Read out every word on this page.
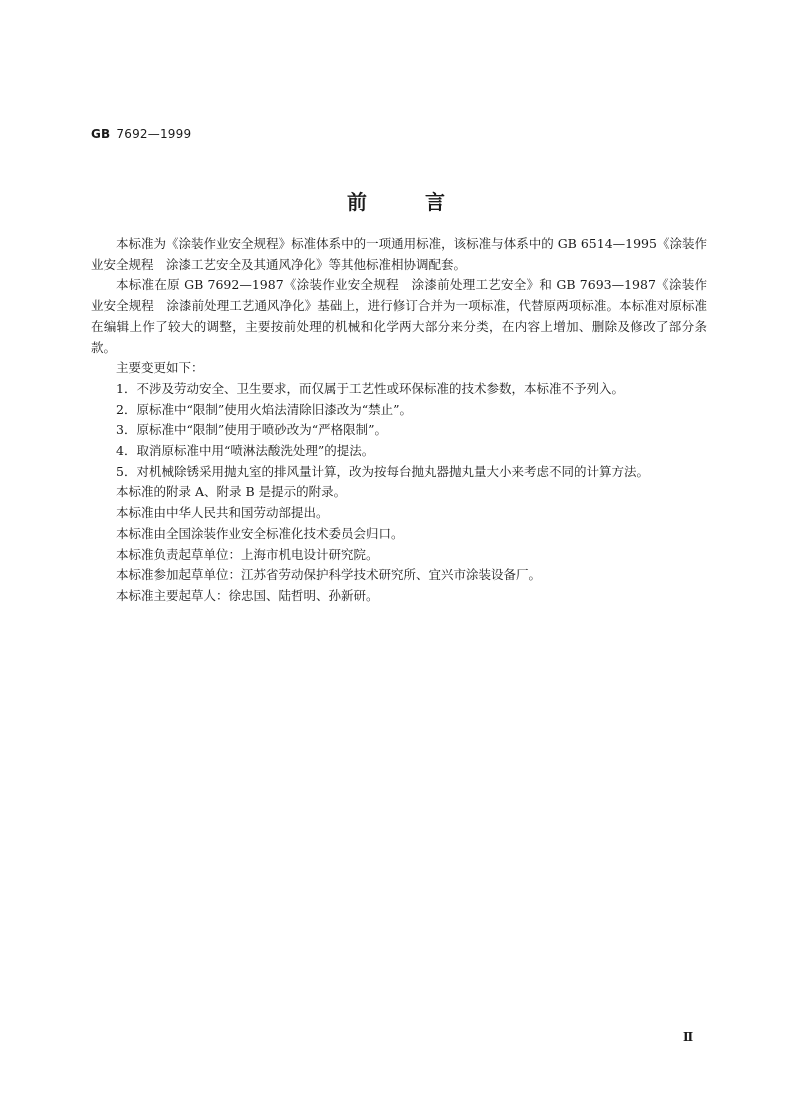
GB 7692—1999
前言

本标准为《涂装作业安全规程》标准体系中的一项通用标准，该标准与体系中的 GB 6514—1995《涂装作业安全规程　涂漆工艺安全及其通风净化》等其他标准相协调配套。

本标准在原 GB 7692—1987《涂装作业安全规程　涂漆前处理工艺安全》和 GB 7693—1987《涂装作业安全规程　涂漆前处理工艺通风净化》基础上，进行修订合并为一项标准，代替原两项标准。本标准对原标准在编辑上作了较大的调整，主要按前处理的机械和化学两大部分来分类，在内容上增加、删除及修改了部分条款。

主要变更如下：

1．不涉及劳动安全、卫生要求，而仅属于工艺性或环保标准的技术参数，本标准不予列入。

2．原标准中“限制”使用火焰法清除旧漆改为“禁止”。

3．原标准中“限制”使用于喷砂改为“严格限制”。

4．取消原标准中用“喷淋法酸洗处理”的提法。

5．对机械除锈采用抛丸室的排风量计算，改为按每台抛丸器抛丸量大小来考虑不同的计算方法。

本标准的附录 A、附录 B 是提示的附录。

本标准由中华人民共和国劳动部提出。

本标准由全国涂装作业安全标准化技术委员会归口。

本标准负责起草单位：上海市机电设计研究院。

本标准参加起草单位：江苏省劳动保护科学技术研究所、宜兴市涂装设备厂。

本标准主要起草人：徐忠国、陆哲明、孙新研。

Ⅱ
